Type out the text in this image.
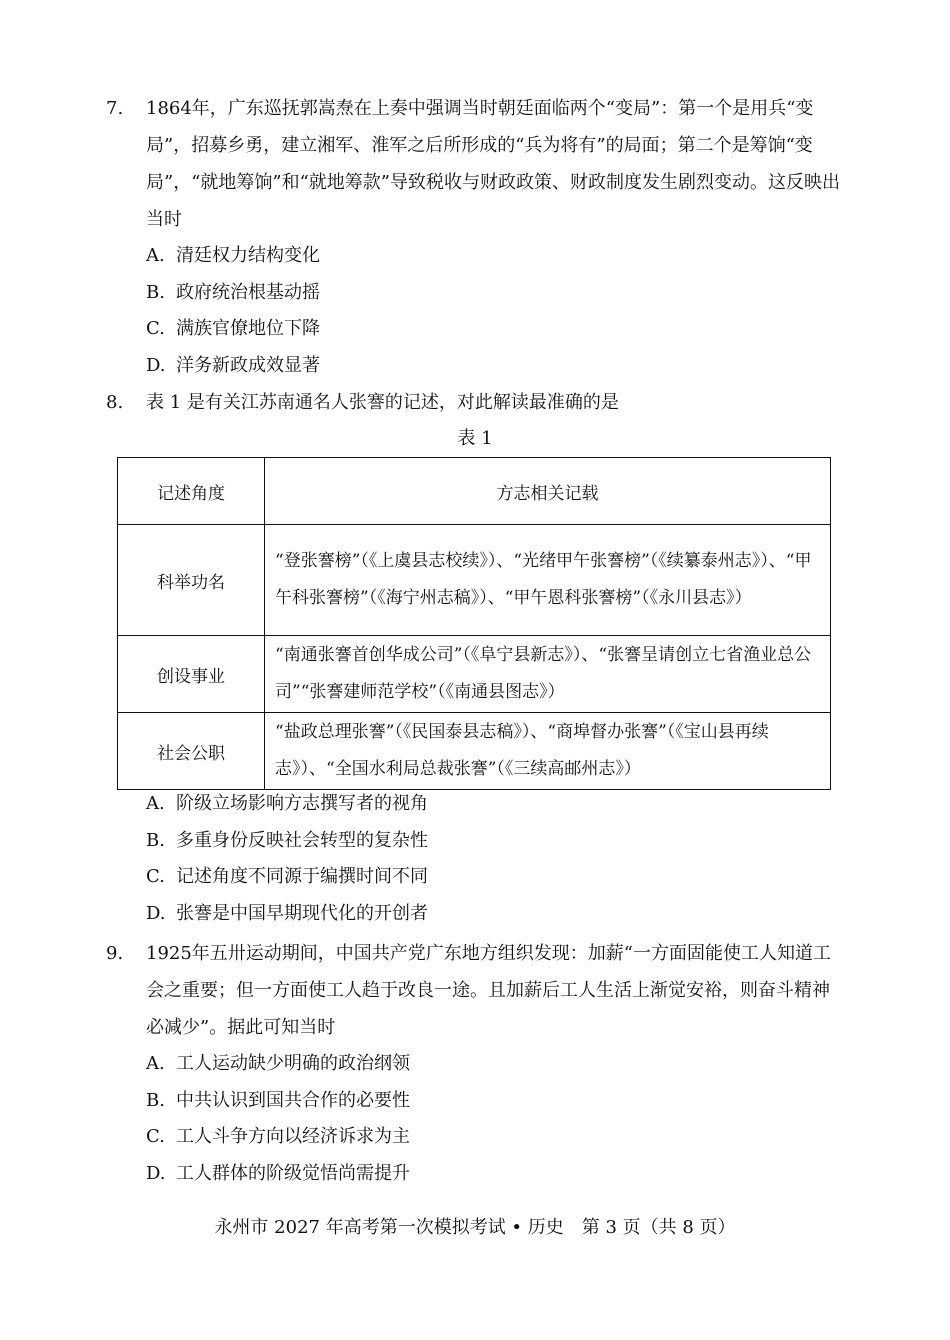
7.	1864年，广东巡抚郭嵩焘在上奏中强调当时朝廷面临两个“变局”：第一个是用兵“变局”，招募乡勇，建立湘军、淮军之后所形成的“兵为将有”的局面；第二个是筹饷“变局”，“就地筹饷”和“就地筹款”导致税收与财政政策、财政制度发生剧烈变动。这反映出当时
A. 清廷权力结构变化
B. 政府统治根基动摇
C. 满族官僚地位下降
D. 洋务新政成效显著
8.	表 1 是有关江苏南通名人张謇的记述，对此解读最准确的是
表 1
记述角度	方志相关记载
科举功名	“登张謇榜”（《上虞县志校续》）、“光绪甲午张謇榜”（《续纂泰州志》）、“甲午科张謇榜”（《海宁州志稿》）、“甲午恩科张謇榜”（《永川县志》）
创设事业	“南通张謇首创华成公司”（《阜宁县新志》）、“张謇呈请创立七省渔业总公司”“张謇建师范学校”（《南通县图志》）
社会公职	“盐政总理张謇”（《民国泰县志稿》）、“商埠督办张謇”（《宝山县再续志》）、“全国水利局总裁张謇”（《三续高邮州志》）
A. 阶级立场影响方志撰写者的视角
B. 多重身份反映社会转型的复杂性
C. 记述角度不同源于编撰时间不同
D. 张謇是中国早期现代化的开创者
9.	1925年五卅运动期间，中国共产党广东地方组织发现：加薪“一方面固能使工人知道工会之重要；但一方面使工人趋于改良一途。且加薪后工人生活上渐觉安裕，则奋斗精神必减少”。据此可知当时
A. 工人运动缺少明确的政治纲领
B. 中共认识到国共合作的必要性
C. 工人斗争方向以经济诉求为主
D. 工人群体的阶级觉悟尚需提升
永州市 2027 年高考第一次模拟考试 • 历史　第 3 页（共 8 页）
